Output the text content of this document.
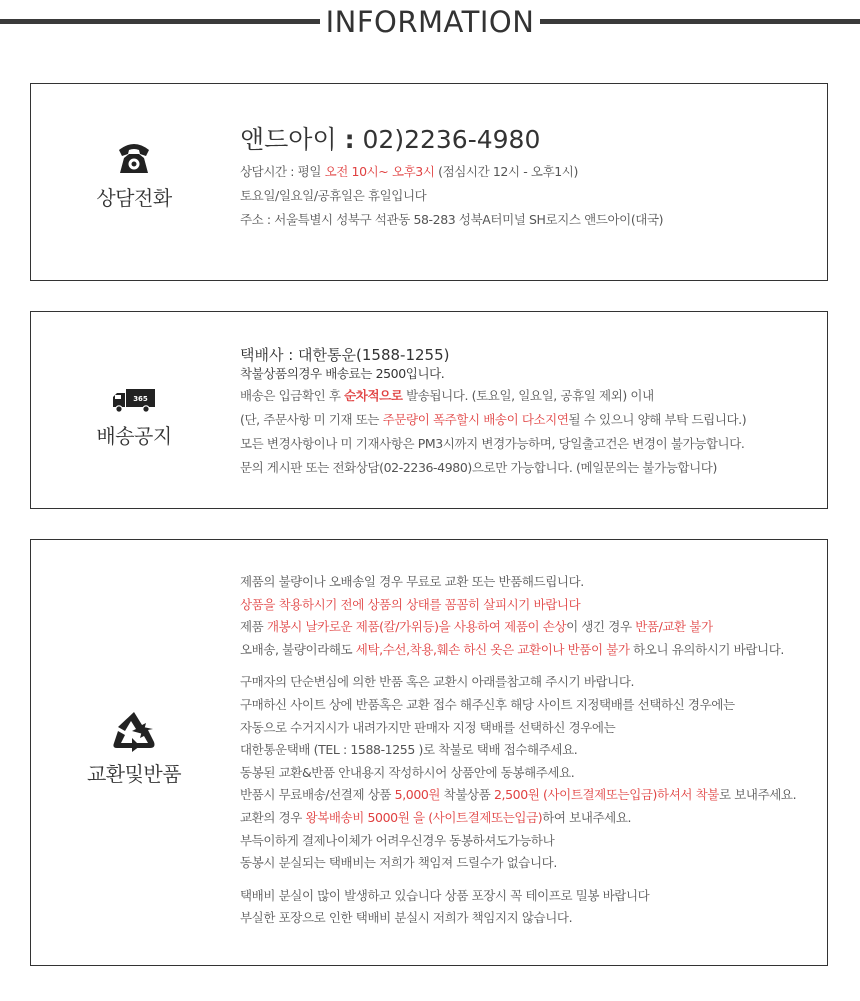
INFORMATION
상담전화
앤드아이 : 02)2236-4980
상담시간 : 평일 오전 10시~ 오후3시 (점심시간 12시 - 오후1시)
토요일/일요일/공휴일은 휴일입니다
주소 : 서울특별시 성북구 석관동 58-283 성북A터미널 SH로지스 앤드아이(대국)
365
배송공지
택배사 : 대한통운(1588-1255)
착불상품의경우 배송료는 2500입니다.
배송은 입금확인 후 순차적으로 발송됩니다. (토요일, 일요일, 공휴일 제외) 이내
(단, 주문사항 미 기재 또는 주문량이 폭주할시 배송이 다소지연될 수 있으니 양해 부탁 드립니다.)
모든 변경사항이나 미 기재사항은 PM3시까지 변경가능하며, 당일출고건은 변경이 불가능합니다.
문의 게시판 또는 전화상담(02-2236-4980)으로만 가능합니다. (메일문의는 불가능합니다)
교환및반품
제품의 불량이나 오배송일 경우 무료로 교환 또는 반품해드립니다.
상품을 착용하시기 전에 상품의 상태를 꼼꼼히 살피시기 바랍니다
제품 개봉시 날카로운 제품(칼/가위등)을 사용하여 제품이 손상이 생긴 경우 반품/교환 불가
오배송, 불량이라해도 세탁,수선,착용,훼손 하신 옷은 교환이나 반품이 불가 하오니 유의하시기 바랍니다.
구매자의 단순변심에 의한 반품 혹은 교환시 아래를참고해 주시기 바랍니다.
구매하신 사이트 상에 반품혹은 교환 접수 해주신후 해당 사이트 지정택배를 선택하신 경우에는
자동으로 수거지시가 내려가지만 판매자 지정 택배를 선택하신 경우에는
대한통운택배 (TEL : 1588-1255 )로 착불로 택배 접수해주세요.
동봉된 교환&반품 안내용지 작성하시어 상품안에 동봉해주세요.
반품시 무료배송/선결제 상품 5,000원 착불상품 2,500원 (사이트결제또는입금)하셔서 착불로 보내주세요.
교환의 경우 왕복배송비 5000원 을 (사이트결제또는입금)하여 보내주세요.
부득이하게 결제나이체가 어려우신경우 동봉하셔도가능하나
동봉시 분실되는 택배비는 저희가 책임져 드릴수가 없습니다.
택배비 분실이 많이 발생하고 있습니다 상품 포장시 꼭 테이프로 밀봉 바랍니다
부실한 포장으로 인한 택배비 분실시 저희가 책임지지 않습니다.
